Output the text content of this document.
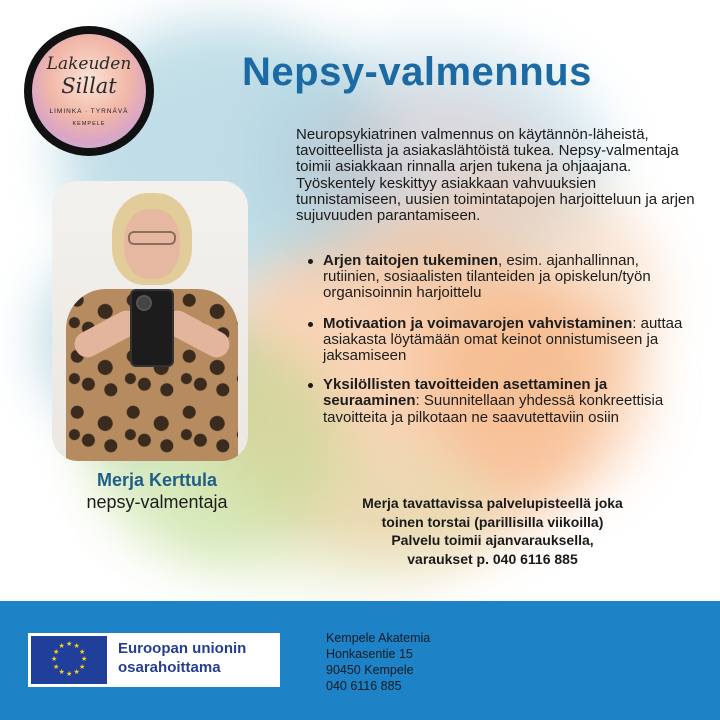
Lakeuden
Sillat
LIMINKA · TYRNÄVÄ
KEMPELE
Nepsy-valmennus

Neuropsykiatrinen valmennus on käytännön-läheistä, tavoitteellista ja asiakaslähtöistä tukea. Nepsy-valmentaja toimii asiakkaan rinnalla arjen tukena ja ohjaajana. Työskentely keskittyy asiakkaan vahvuuksien tunnistamiseen, uusien toimintatapojen harjoitteluun ja arjen sujuvuuden parantamiseen.

Arjen taitojen tukeminen, esim. ajanhallinnan, rutiinien, sosiaalisten tilanteiden ja opiskelun/työn organisoinnin harjoittelu
Motivaation ja voimavarojen vahvistaminen: auttaa asiakasta löytämään omat keinot onnistumiseen ja jaksamiseen
Yksilöllisten tavoitteiden asettaminen ja seuraaminen: Suunnitellaan yhdessä konkreettisia tavoitteita ja pilkotaan ne saavutettaviin osiin
Merja Kerttula
nepsy-valmentaja	Merja tavattavissa palvelupisteellä joka
toinen torstai (parillisilla viikoilla)
Palvelu toimii ajanvarauksella,
varaukset p. 040 6116 885
★
★
★
★
★
★
★
★
★ ★ ★
★ Euroopan unionin
osarahoittama
Kempele Akatemia
Honkasentie 15
90450 Kempele
040 6116 885
